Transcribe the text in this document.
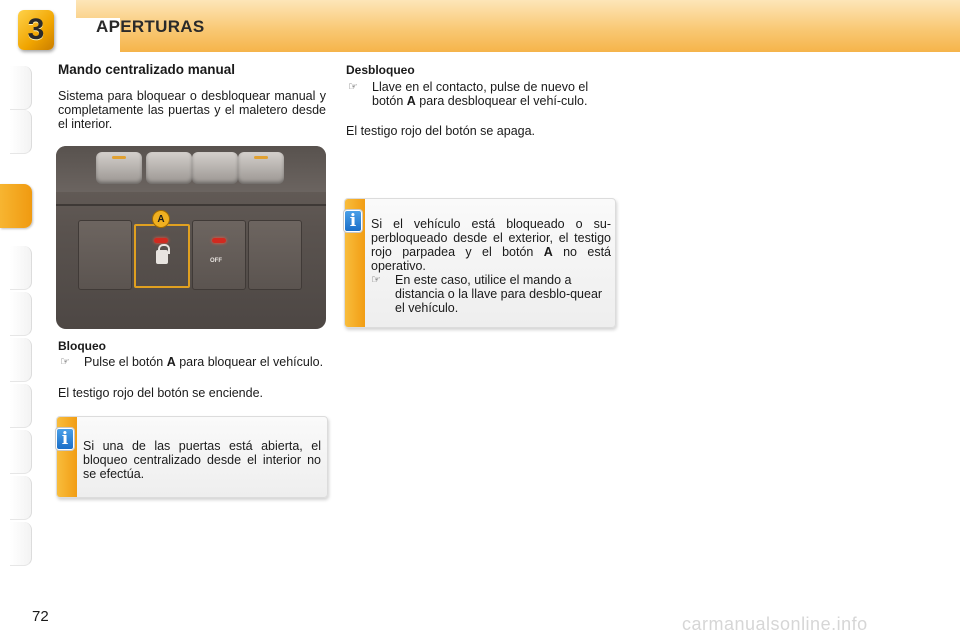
3	APERTURAS
Mando centralizado manual
Sistema para bloquear o desbloquear manual y completamente las puertas y el maletero desde el interior.
OFF
A
Bloqueo
☞ Pulse el botón A para bloquear el vehículo.
El testigo rojo del botón se enciende.
Si una de las puertas está abierta, el bloqueo centralizado desde el interior no se efectúa.
i
Desbloqueo
☞ Llave en el contacto, pulse de nuevo el botón A para desbloquear el vehí-culo.
El testigo rojo del botón se apaga.
Si el vehículo está bloqueado o su-perbloqueado desde el exterior, el testigo rojo parpadea y el botón A no está operativo.
☞ En este caso, utilice el mando a distancia o la llave para desblo-quear el vehículo.
i
72	carmanualsonline.info
